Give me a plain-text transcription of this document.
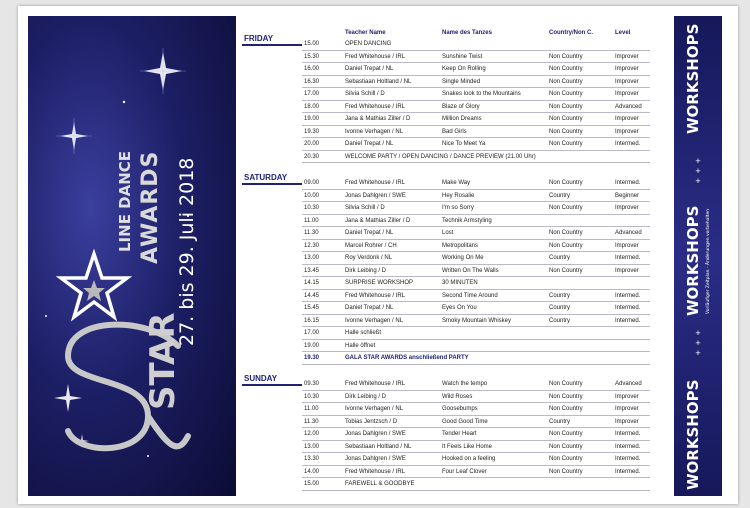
LINE DANCE AWARDS
STAR
27. bis 29. Juli 2018
Teacher Name	Name des Tanzes	Country/Non C.	Level
FRIDAY
15.00	OPEN DANCING
15.30	Fred Whitehouse / IRL	Sunshine Twist	Non Country	Improver
16.00	Daniel Trepat / NL	Keep On Rolling	Non Country	Improver
16.30	Sebastiaan Holtland / NL	Single Minded	Non Country	Improver
17.00	Silvia Schill / D	Snakes look to the Mountains	Non Country	Improver
18.00	Fred Whitehouse / IRL	Blaze of Glory	Non Country	Advanced
19.00	Jana & Mathias Ziller / D	Million Dreams	Non Country	Improver
19.30	Ivonne Verhagen / NL	Bad Girls	Non Country	Improver
20.00	Daniel Trepat / NL	Nice To Meet Ya	Non Country	Intermed.
20.30	WELCOME PARTY / OPEN DANCING / DANCE PREVIEW (21.00 Uhr)
SATURDAY
09.00	Fred Whitehouse / IRL	Make Way	Non Country	Intermed.
10.00	Jonas Dahlgren / SWE	Hey Rosalie	Country	Beginner
10.30	Silvia Schill / D	I'm so Sorry	Non Country	Improver
11.00	Jana & Mathias Ziller / D	Technik Armstyling
11.30	Daniel Trepat / NL	Lost	Non Country	Advanced
12.30	Marcel Rohrer / CH	Metropolitans	Non Country	Improver
13.00	Roy Verdonk / NL	Working On Me	Country	Intermed.
13.45	Dirk Leibing / D	Written On The Walls	Non Country	Improver
14.15	SURPRISE WORKSHOP	30 MINUTEN
14.45	Fred Whitehouse / IRL	Second Time Around	Country	Intermed.
15.45	Daniel Trepat / NL	Eyes On You	Country	Intermed.
16.15	Ivonne Verhagen / NL	Smoky Mountain Whiskey	Country	Intermed.
17.00	Halle schließt
19.00	Halle öffnet
19.30	GALA STAR AWARDS anschließend PARTY
SUNDAY
09.30	Fred Whitehouse / IRL	Watch the tempo	Non Country	Advanced
10.30	Dirk Leibing / D	Wild Roses	Non Country	Improver
11.00	Ivonne Verhagen / NL	Goosebumps	Non Country	Improver
11.30	Tobias Jentzsch / D	Good Good Time	Country	Improver
12.00	Jonas Dahlgren / SWE	Tender Heart	Non Country	Intermed.
13.00	Sebastiaan Holtland / NL	It Feels Like Home	Non Country	Intermed.
13.30	Jonas Dahlgren / SWE	Hooked on a feeling	Non Country	Intermed.
14.00	Fred Whitehouse / IRL	Four Leaf Clover	Non Country	Intermed.
15.00	FAREWELL & GOODBYE
WORKSHOPS
+
+
+
WORKSHOPS Vorläufiger Zeitplan - Änderungen vorbehalten
+
+
+
WORKSHOPS
